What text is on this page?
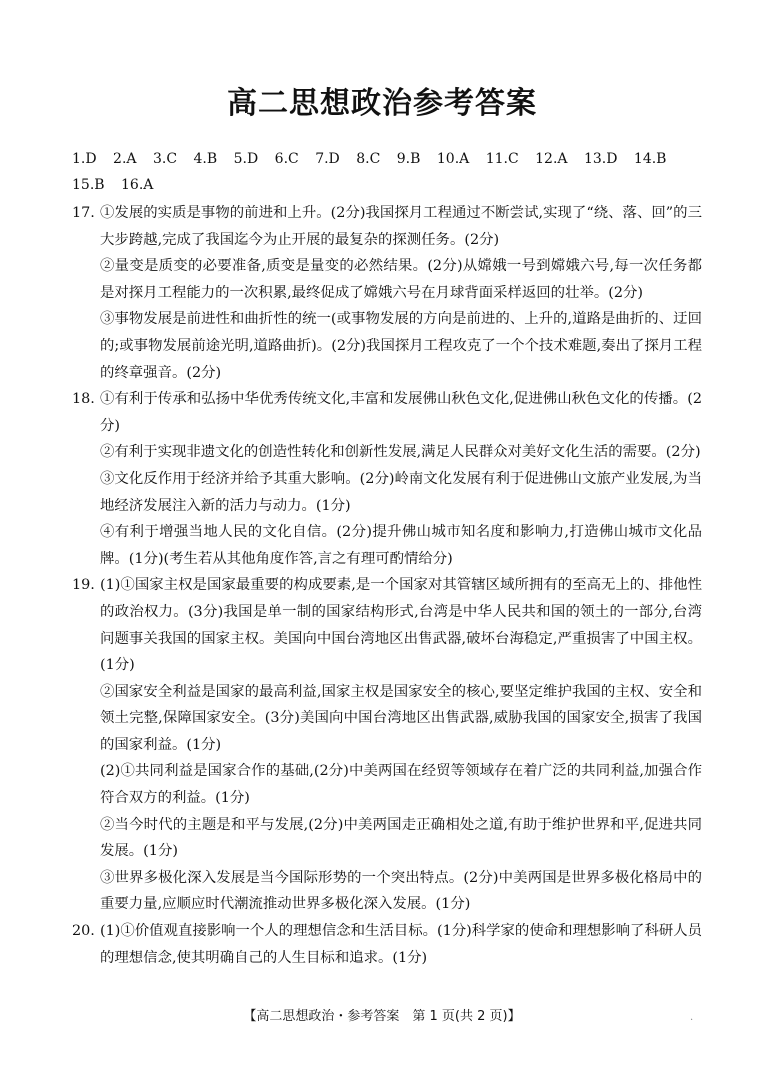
高二思想政治参考答案
1.D 2.A 3.C 4.B 5.D 6.C 7.D 8.C 9.B 10.A 11.C 12.A 13.D 14.B
15.B 16.A
17. ①发展的实质是事物的前进和上升。(2分)我国探月工程通过不断尝试,实现了“绕、落、回”的三大步跨越,完成了我国迄今为止开展的最复杂的探测任务。(2分)
②量变是质变的必要准备,质变是量变的必然结果。(2分)从嫦娥一号到嫦娥六号,每一次任务都是对探月工程能力的一次积累,最终促成了嫦娥六号在月球背面采样返回的壮举。(2分)
③事物发展是前进性和曲折性的统一(或事物发展的方向是前进的、上升的,道路是曲折的、迂回的;或事物发展前途光明,道路曲折)。(2分)我国探月工程攻克了一个个技术难题,奏出了探月工程的终章强音。(2分)
18. ①有利于传承和弘扬中华优秀传统文化,丰富和发展佛山秋色文化,促进佛山秋色文化的传播。(2分)
②有利于实现非遗文化的创造性转化和创新性发展,满足人民群众对美好文化生活的需要。(2分)
③文化反作用于经济并给予其重大影响。(2分)岭南文化发展有利于促进佛山文旅产业发展,为当地经济发展注入新的活力与动力。(1分)
④有利于增强当地人民的文化自信。(2分)提升佛山城市知名度和影响力,打造佛山城市文化品牌。(1分)(考生若从其他角度作答,言之有理可酌情给分)
19. (1)①国家主权是国家最重要的构成要素,是一个国家对其管辖区域所拥有的至高无上的、排他性的政治权力。(3分)我国是单一制的国家结构形式,台湾是中华人民共和国的领土的一部分,台湾问题事关我国的国家主权。美国向中国台湾地区出售武器,破坏台海稳定,严重损害了中国主权。(1分)
②国家安全利益是国家的最高利益,国家主权是国家安全的核心,要坚定维护我国的主权、安全和领土完整,保障国家安全。(3分)美国向中国台湾地区出售武器,威胁我国的国家安全,损害了我国的国家利益。(1分)
(2)①共同利益是国家合作的基础,(2分)中美两国在经贸等领域存在着广泛的共同利益,加强合作符合双方的利益。(1分)
②当今时代的主题是和平与发展,(2分)中美两国走正确相处之道,有助于维护世界和平,促进共同发展。(1分)
③世界多极化深入发展是当今国际形势的一个突出特点。(2分)中美两国是世界多极化格局中的重要力量,应顺应时代潮流推动世界多极化深入发展。(1分)
20. (1)①价值观直接影响一个人的理想信念和生活目标。(1分)科学家的使命和理想影响了科研人员的理想信念,使其明确自己的人生目标和追求。(1分)
【高二思想政治・参考答案　第 1 页(共 2 页)】	.
